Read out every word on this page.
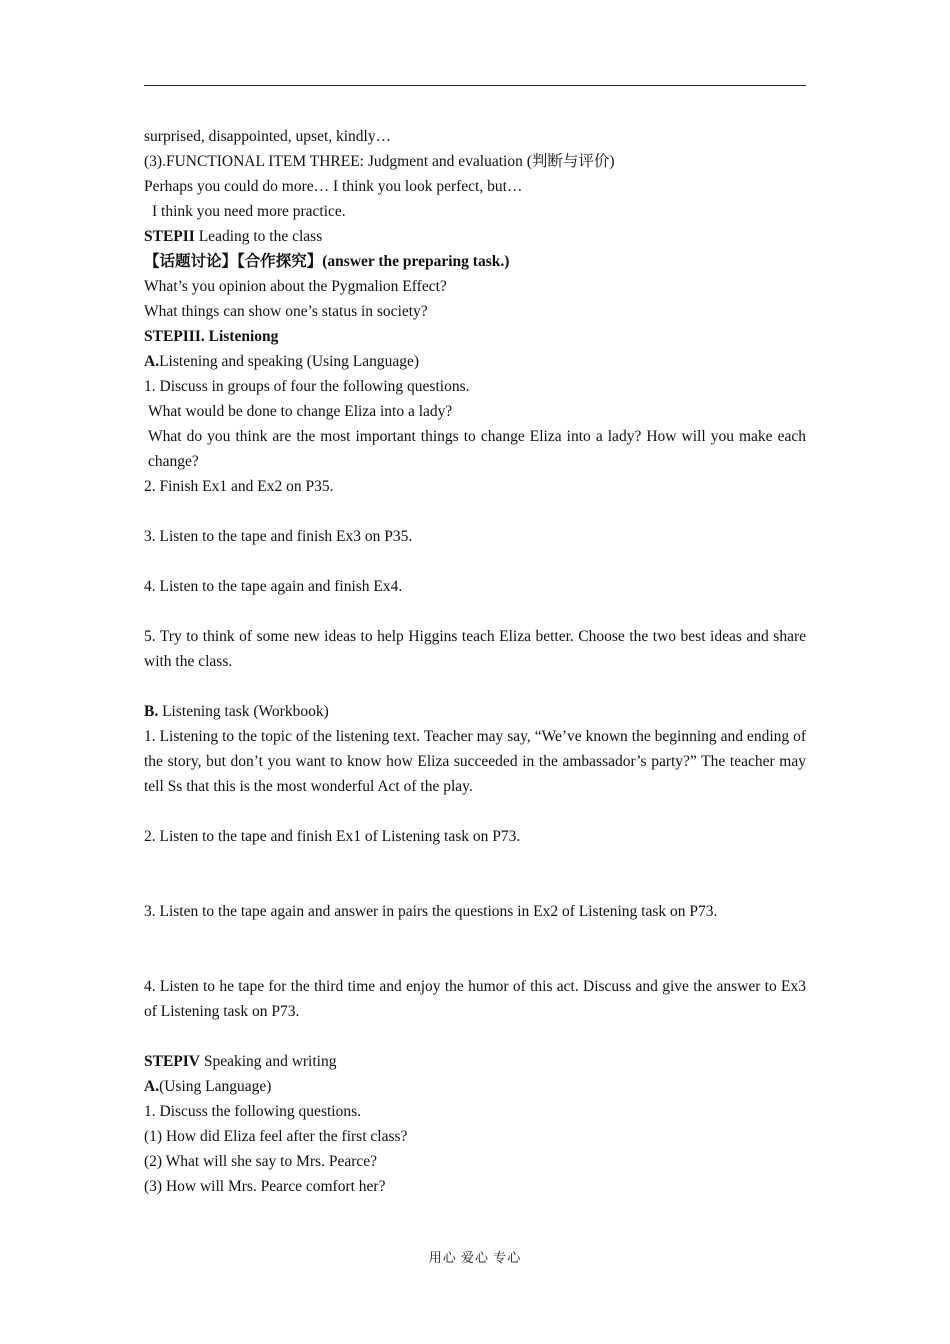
surprised, disappointed, upset, kindly…
(3).FUNCTIONAL ITEM THREE: Judgment and evaluation (判断与评价)
Perhaps you could do more… I think you look perfect, but…
I think you need more practice.
STEPII Leading to the class
【话题讨论】【合作探究】(answer the preparing task.)
What’s you opinion about the Pygmalion Effect?
What things can show one’s status in society?
STEPIII. Listeniong
A.Listening and speaking (Using Language)
1. Discuss in groups of four the following questions.
What would be done to change Eliza into a lady?
What do you think are the most important things to change Eliza into a lady? How will you make each change?
2. Finish Ex1 and Ex2 on P35.
3. Listen to the tape and finish Ex3 on P35.
4. Listen to the tape again and finish Ex4.
5. Try to think of some new ideas to help Higgins teach Eliza better. Choose the two best ideas and share with the class.
B. Listening task (Workbook)
1. Listening to the topic of the listening text. Teacher may say, “We’ve known the beginning and ending of the story, but don’t you want to know how Eliza succeeded in the ambassador’s party?” The teacher may tell Ss that this is the most wonderful Act of the play.
2. Listen to the tape and finish Ex1 of Listening task on P73.
3. Listen to the tape again and answer in pairs the questions in Ex2 of Listening task on P73.
4. Listen to he tape for the third time and enjoy the humor of this act. Discuss and give the answer to Ex3 of Listening task on P73.
STEPIV Speaking and writing
A.(Using Language)
1. Discuss the following questions.
(1) How did Eliza feel after the first class?
(2) What will she say to Mrs. Pearce?
(3) How will Mrs. Pearce comfort her?
用心 爱心 专心
